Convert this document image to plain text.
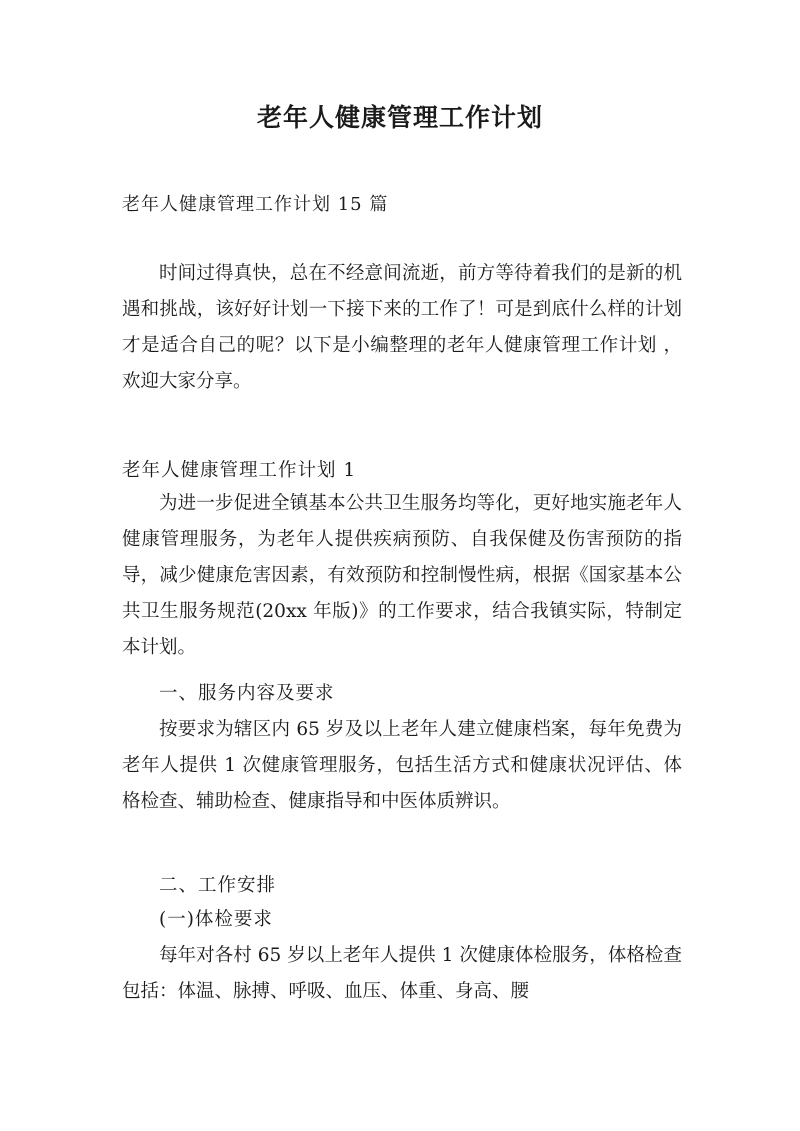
老年人健康管理工作计划
老年人健康管理工作计划 15 篇

时间过得真快，总在不经意间流逝，前方等待着我们的是新的机遇和挑战，该好好计划一下接下来的工作了！可是到底什么样的计划才是适合自己的呢？以下是小编整理的老年人健康管理工作计划 ，欢迎大家分享。

老年人健康管理工作计划 1

为进一步促进全镇基本公共卫生服务均等化，更好地实施老年人健康管理服务，为老年人提供疾病预防、自我保健及伤害预防的指导，减少健康危害因素，有效预防和控制慢性病，根据《国家基本公共卫生服务规范(20xx 年版)》的工作要求，结合我镇实际，特制定本计划。

一、服务内容及要求

按要求为辖区内 65 岁及以上老年人建立健康档案，每年免费为老年人提供 1 次健康管理服务，包括生活方式和健康状况评估、体格检查、辅助检查、健康指导和中医体质辨识。

二、工作安排
(一)体检要求

每年对各村 65 岁以上老年人提供 1 次健康体检服务，体格检查包括：体温、脉搏、呼吸、血压、体重、身高、腰
